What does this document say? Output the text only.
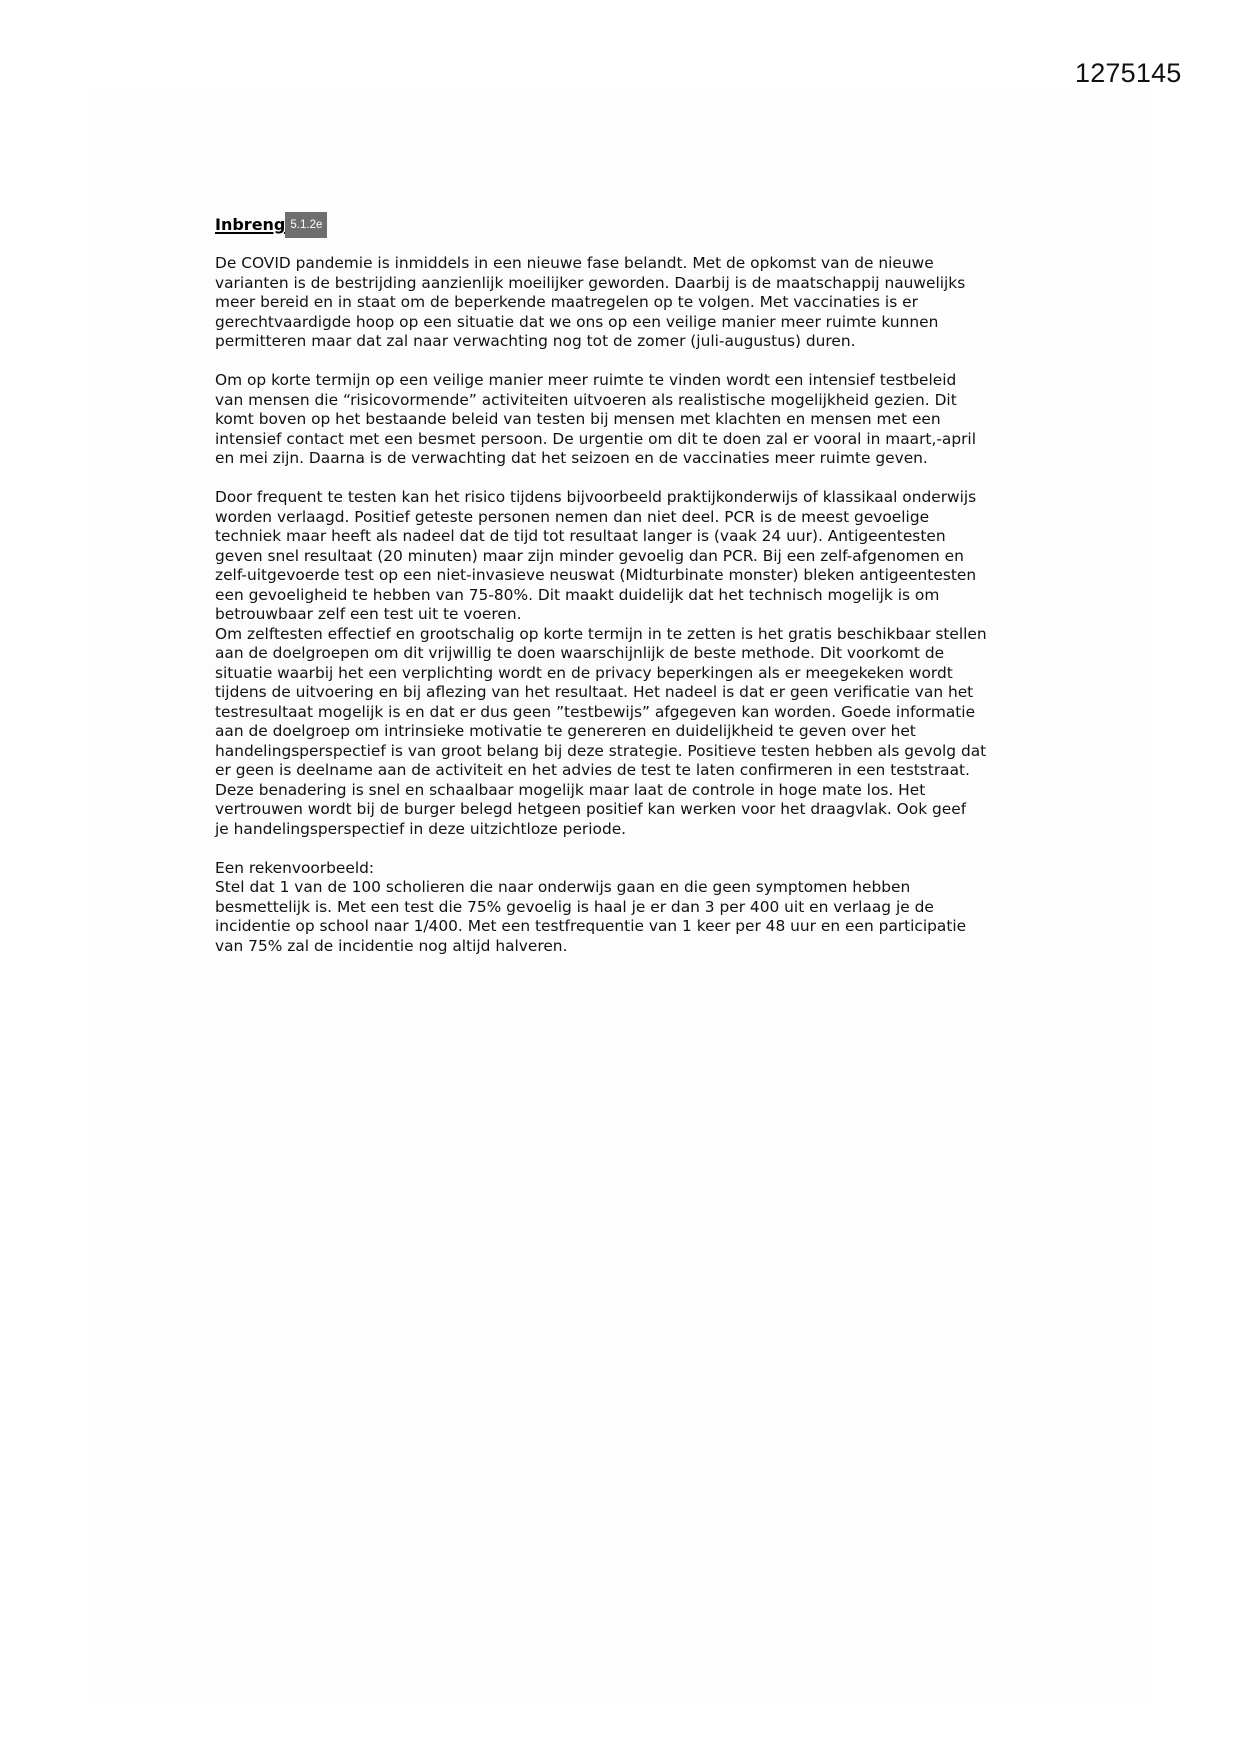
1275145
Inbreng 5.1.2e
De COVID pandemie is inmiddels in een nieuwe fase belandt. Met de opkomst van de nieuwe
varianten is de bestrijding aanzienlijk moeilijker geworden. Daarbij is de maatschappij nauwelijks
meer bereid en in staat om de beperkende maatregelen op te volgen. Met vaccinaties is er
gerechtvaardigde hoop op een situatie dat we ons op een veilige manier meer ruimte kunnen
permitteren maar dat zal naar verwachting nog tot de zomer (juli-augustus) duren.
Om op korte termijn op een veilige manier meer ruimte te vinden wordt een intensief testbeleid
van mensen die “risicovormende” activiteiten uitvoeren als realistische mogelijkheid gezien. Dit
komt boven op het bestaande beleid van testen bij mensen met klachten en mensen met een
intensief contact met een besmet persoon. De urgentie om dit te doen zal er vooral in maart,-april
en mei zijn. Daarna is de verwachting dat het seizoen en de vaccinaties meer ruimte geven.
Door frequent te testen kan het risico tijdens bijvoorbeeld praktijkonderwijs of klassikaal onderwijs
worden verlaagd. Positief geteste personen nemen dan niet deel. PCR is de meest gevoelige
techniek maar heeft als nadeel dat de tijd tot resultaat langer is (vaak 24 uur). Antigeentesten
geven snel resultaat (20 minuten) maar zijn minder gevoelig dan PCR. Bij een zelf-afgenomen en
zelf-uitgevoerde test op een niet-invasieve neuswat (Midturbinate monster) bleken antigeentesten
een gevoeligheid te hebben van 75-80%. Dit maakt duidelijk dat het technisch mogelijk is om
betrouwbaar zelf een test uit te voeren.
Om zelftesten effectief en grootschalig op korte termijn in te zetten is het gratis beschikbaar stellen
aan de doelgroepen om dit vrijwillig te doen waarschijnlijk de beste methode. Dit voorkomt de
situatie waarbij het een verplichting wordt en de privacy beperkingen als er meegekeken wordt
tijdens de uitvoering en bij aflezing van het resultaat. Het nadeel is dat er geen verificatie van het
testresultaat mogelijk is en dat er dus geen ”testbewijs” afgegeven kan worden. Goede informatie
aan de doelgroep om intrinsieke motivatie te genereren en duidelijkheid te geven over het
handelingsperspectief is van groot belang bij deze strategie. Positieve testen hebben als gevolg dat
er geen is deelname aan de activiteit en het advies de test te laten confirmeren in een teststraat.
Deze benadering is snel en schaalbaar mogelijk maar laat de controle in hoge mate los. Het
vertrouwen wordt bij de burger belegd hetgeen positief kan werken voor het draagvlak. Ook geef
je handelingsperspectief in deze uitzichtloze periode.
Een rekenvoorbeeld:
Stel dat 1 van de 100 scholieren die naar onderwijs gaan en die geen symptomen hebben
besmettelijk is. Met een test die 75% gevoelig is haal je er dan 3 per 400 uit en verlaag je de
incidentie op school naar 1/400. Met een testfrequentie van 1 keer per 48 uur en een participatie
van 75% zal de incidentie nog altijd halveren.
